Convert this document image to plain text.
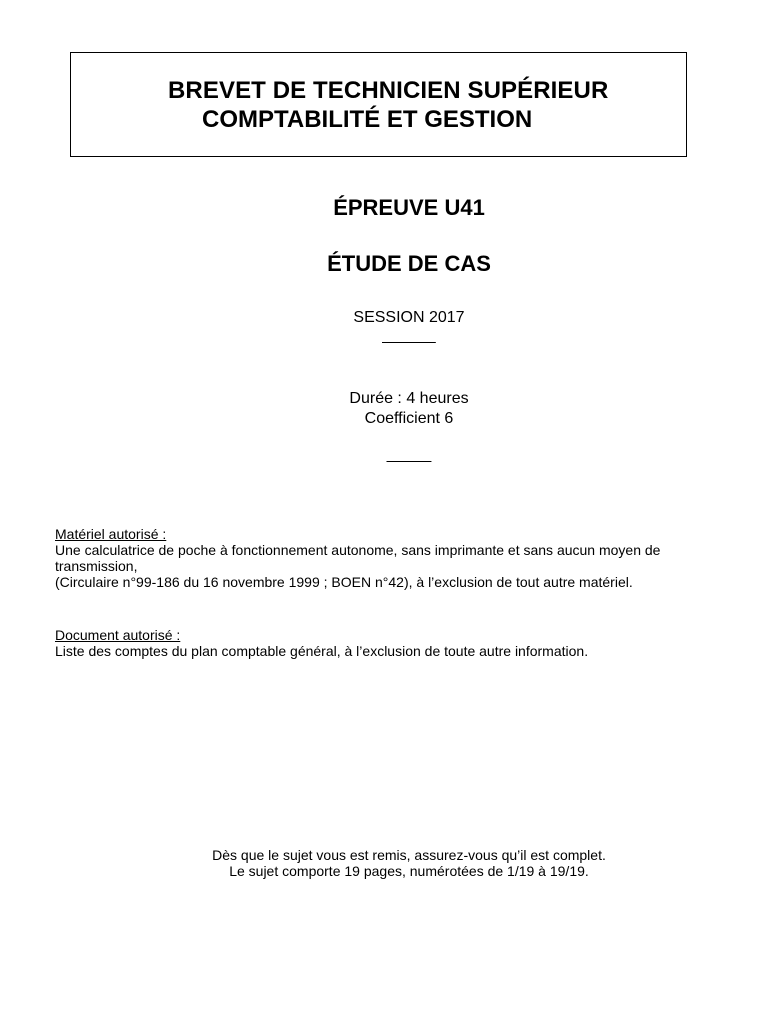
BREVET DE TECHNICIEN SUPÉRIEUR
COMPTABILITÉ ET GESTION
ÉPREUVE U41
ÉTUDE DE CAS
SESSION 2017
______
Durée : 4 heures
Coefficient 6
_____
Matériel autorisé :
Une calculatrice de poche à fonctionnement autonome, sans imprimante et sans aucun moyen de
transmission,
(Circulaire n°99-186 du 16 novembre 1999 ; BOEN n°42), à l’exclusion de tout autre matériel.
Document autorisé :
Liste des comptes du plan comptable général, à l’exclusion de toute autre information.
Dès que le sujet vous est remis, assurez-vous qu’il est complet.
Le sujet comporte 19 pages, numérotées de 1/19 à 19/19.
